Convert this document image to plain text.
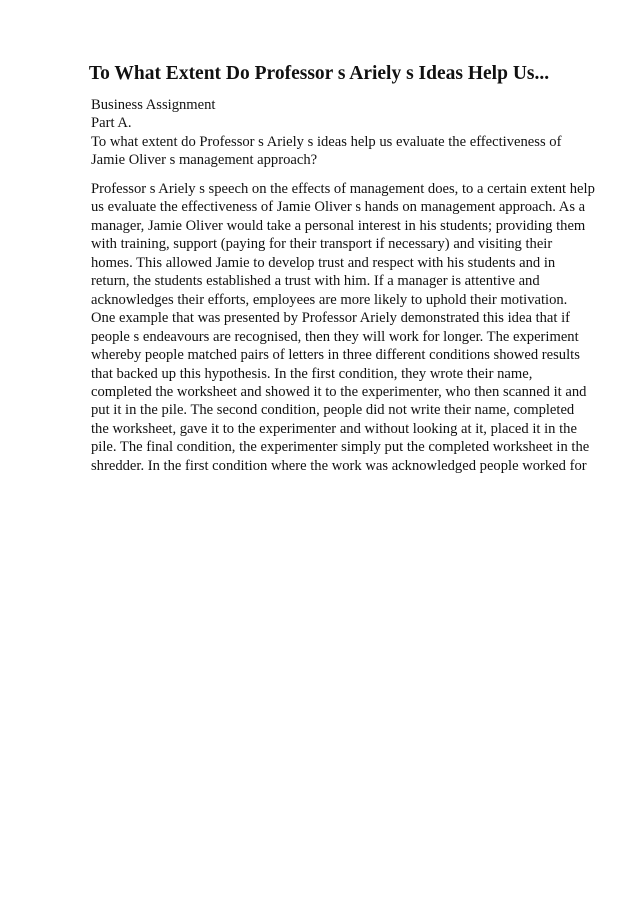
To What Extent Do Professor s Ariely s Ideas Help Us...
Business Assignment
Part A.
To what extent do Professor s Ariely s ideas help us evaluate the effectiveness of
Jamie Oliver s management approach?
Professor s Ariely s speech on the effects of management does, to a certain extent help
us evaluate the effectiveness of Jamie Oliver s hands on management approach. As a
manager, Jamie Oliver would take a personal interest in his students; providing them
with training, support (paying for their transport if necessary) and visiting their
homes. This allowed Jamie to develop trust and respect with his students and in
return, the students established a trust with him. If a manager is attentive and
acknowledges their efforts, employees are more likely to uphold their motivation.
One example that was presented by Professor Ariely demonstrated this idea that if
people s endeavours are recognised, then they will work for longer. The experiment
whereby people matched pairs of letters in three different conditions showed results
that backed up this hypothesis. In the first condition, they wrote their name,
completed the worksheet and showed it to the experimenter, who then scanned it and
put it in the pile. The second condition, people did not write their name, completed
the worksheet, gave it to the experimenter and without looking at it, placed it in the
pile. The final condition, the experimenter simply put the completed worksheet in the
shredder. In the first condition where the work was acknowledged people worked for
